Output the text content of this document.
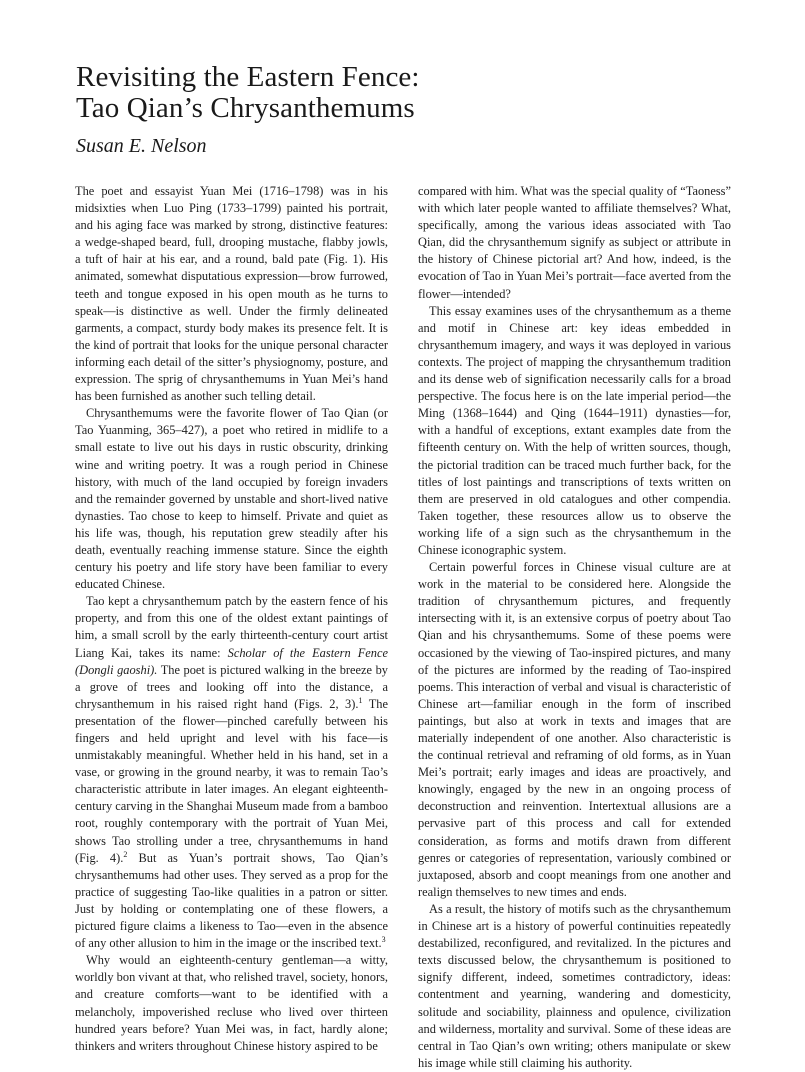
Revisiting the Eastern Fence:
Tao Qian’s Chrysanthemums
Susan E. Nelson

The poet and essayist Yuan Mei (1716–1798) was in his midsixties when Luo Ping (1733–1799) painted his portrait, and his aging face was marked by strong, distinctive features: a wedge-shaped beard, full, drooping mustache, flabby jowls, a tuft of hair at his ear, and a round, bald pate (Fig. 1). His animated, somewhat disputatious expression—brow furrowed, teeth and tongue exposed in his open mouth as he turns to speak—is distinctive as well. Under the firmly delineated garments, a compact, sturdy body makes its presence felt. It is the kind of portrait that looks for the unique personal character informing each detail of the sitter’s physiognomy, posture, and expression. The sprig of chrysanthemums in Yuan Mei’s hand has been furnished as another such telling detail.

Chrysanthemums were the favorite flower of Tao Qian (or Tao Yuanming, 365–427), a poet who retired in midlife to a small estate to live out his days in rustic obscurity, drinking wine and writing poetry. It was a rough period in Chinese history, with much of the land occupied by foreign invaders and the remainder governed by unstable and short-lived native dynasties. Tao chose to keep to himself. Private and quiet as his life was, though, his reputation grew steadily after his death, eventually reaching immense stature. Since the eighth century his poetry and life story have been familiar to every educated Chinese.

Tao kept a chrysanthemum patch by the eastern fence of his property, and from this one of the oldest extant paintings of him, a small scroll by the early thirteenth-century court artist Liang Kai, takes its name: Scholar of the Eastern Fence (Dongli gaoshi). The poet is pictured walking in the breeze by a grove of trees and looking off into the distance, a chrysanthemum in his raised right hand (Figs. 2, 3).$^1$ The presentation of the flower—pinched carefully between his fingers and held upright and level with his face—is unmistakably meaningful. Whether held in his hand, set in a vase, or growing in the ground nearby, it was to remain Tao’s characteristic attribute in later images. An elegant eighteenth-century carving in the Shanghai Museum made from a bamboo root, roughly contemporary with the portrait of Yuan Mei, shows Tao strolling under a tree, chrysanthemums in hand (Fig. 4).$^2$ But as Yuan’s portrait shows, Tao Qian’s chrysanthemums had other uses. They served as a prop for the practice of suggesting Tao-like qualities in a patron or sitter. Just by holding or contemplating one of these flowers, a pictured figure claims a likeness to Tao—even in the absence of any other allusion to him in the image or the inscribed text.$^3$

Why would an eighteenth-century gentleman—a witty, worldly bon vivant at that, who relished travel, society, honors, and creature comforts—want to be identified with a melancholy, impoverished recluse who lived over thirteen hundred years before? Yuan Mei was, in fact, hardly alone; thinkers and writers throughout Chinese history aspired to be

compared with him. What was the special quality of “Taoness” with which later people wanted to affiliate themselves? What, specifically, among the various ideas associated with Tao Qian, did the chrysanthemum signify as subject or attribute in the history of Chinese pictorial art? And how, indeed, is the evocation of Tao in Yuan Mei’s portrait—face averted from the flower—intended?

This essay examines uses of the chrysanthemum as a theme and motif in Chinese art: key ideas embedded in chrysanthemum imagery, and ways it was deployed in various contexts. The project of mapping the chrysanthemum tradition and its dense web of signification necessarily calls for a broad perspective. The focus here is on the late imperial period—the Ming (1368–1644) and Qing (1644–1911) dynasties—for, with a handful of exceptions, extant examples date from the fifteenth century on. With the help of written sources, though, the pictorial tradition can be traced much further back, for the titles of lost paintings and transcriptions of texts written on them are preserved in old catalogues and other compendia. Taken together, these resources allow us to observe the working life of a sign such as the chrysanthemum in the Chinese iconographic system.

Certain powerful forces in Chinese visual culture are at work in the material to be considered here. Alongside the tradition of chrysanthemum pictures, and frequently intersecting with it, is an extensive corpus of poetry about Tao Qian and his chrysanthemums. Some of these poems were occasioned by the viewing of Tao-inspired pictures, and many of the pictures are informed by the reading of Tao-inspired poems. This interaction of verbal and visual is characteristic of Chinese art—familiar enough in the form of inscribed paintings, but also at work in texts and images that are materially independent of one another. Also characteristic is the continual retrieval and reframing of old forms, as in Yuan Mei’s portrait; early images and ideas are proactively, and knowingly, engaged by the new in an ongoing process of deconstruction and reinvention. Intertextual allusions are a pervasive part of this process and call for extended consideration, as forms and motifs drawn from different genres or categories of representation, variously combined or juxtaposed, absorb and coopt meanings from one another and realign themselves to new times and ends.

As a result, the history of motifs such as the chrysanthemum in Chinese art is a history of powerful continuities repeatedly destabilized, reconfigured, and revitalized. In the pictures and texts discussed below, the chrysanthemum is positioned to signify different, indeed, sometimes contradictory, ideas: contentment and yearning, wandering and domesticity, solitude and sociability, plainness and opulence, civilization and wilderness, mortality and survival. Some of these ideas are central in Tao Qian’s own writing; others manipulate or skew his image while still claiming his authority.
